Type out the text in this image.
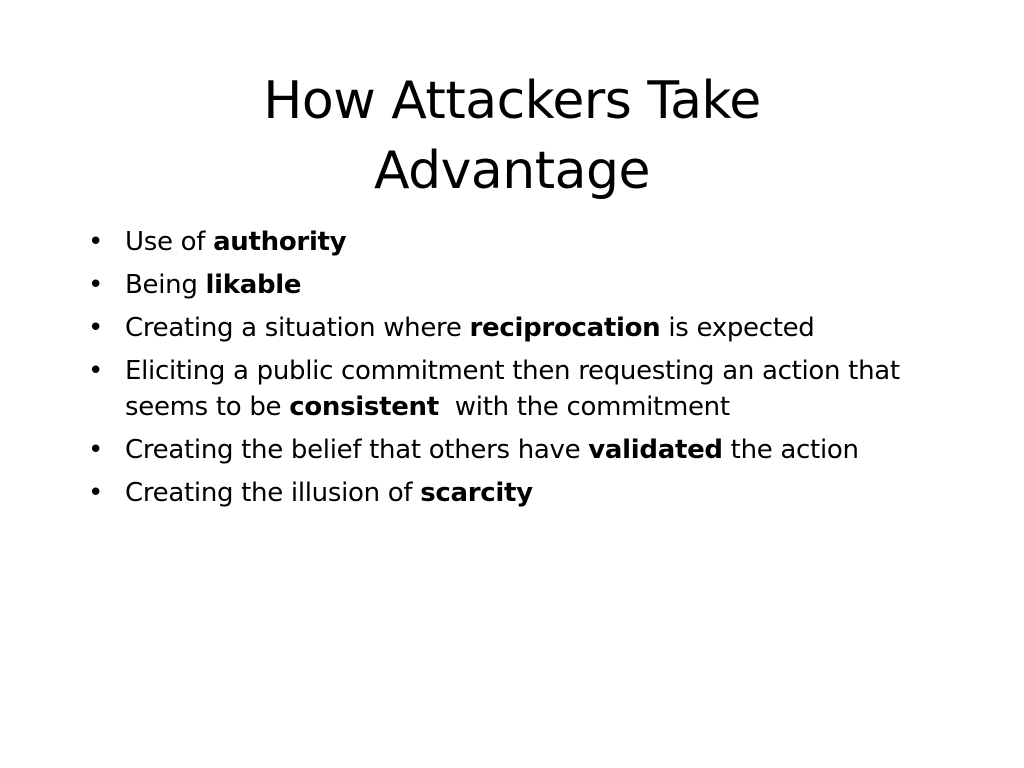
How Attackers Take
Advantage
• Use of authority
• Being likable
• Creating a situation where reciprocation is expected
• Eliciting a public commitment then requesting an action that seems to be consistent  with the commitment
• Creating the belief that others have validated the action
• Creating the illusion of scarcity
